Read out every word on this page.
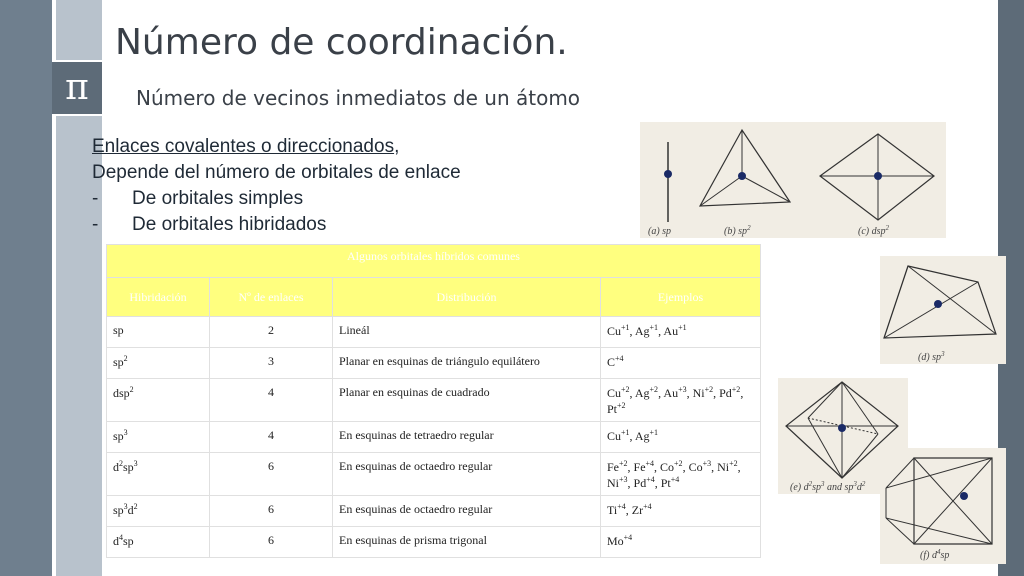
π
Número de coordinación.

Número de vecinos inmediatos de un átomo

Enlaces covalentes o direccionados,
Depende del número de orbitales de enlace
-	De orbitales simples
-	De orbitales hibridados
Algunos orbitales híbridos comunes			
Hibridación	Nº de enlaces	Distribución	Ejemplos
sp	2	Lineál	$Cu^{+1}$, $Ag^{+1}$, $Au^{+1}$
$sp^2$	3	Planar en esquinas de triángulo equilátero	$C^{+4}$
dsp$^2$	4	Planar en esquinas de cuadrado	$Cu^{+2}$, $Ag^{+2}$, $Au^{+3}$, $Ni^{+2}$, $Pd^{+2}$, $Pt^{+2}$
$sp^3$	4	En esquinas de tetraedro regular	$Cu^{+1}$, $Ag^{+1}$
$d^2sp^3$	6	En esquinas de octaedro regular	$Fe^{+2}$, $Fe^{+4}$, $Co^{+2}$, $Co^{+3}$, $Ni^{+2}$, $Ni^{+3}$, $Pd^{+4}$, $Pt^{+4}$
$sp^3d^2$	6	En esquinas de octaedro regular	$Ti^{+4}$, $Zr^{+4}$
$d^4sp$	6	En esquinas de prisma trigonal	$Mo^{+4}$
(a) sp	(b) $sp^2$	(c) dsp$^2$
(d) $sp^3$
(e) $d^2sp^3$ and $sp^3d^2$
(f) $d^4sp$
